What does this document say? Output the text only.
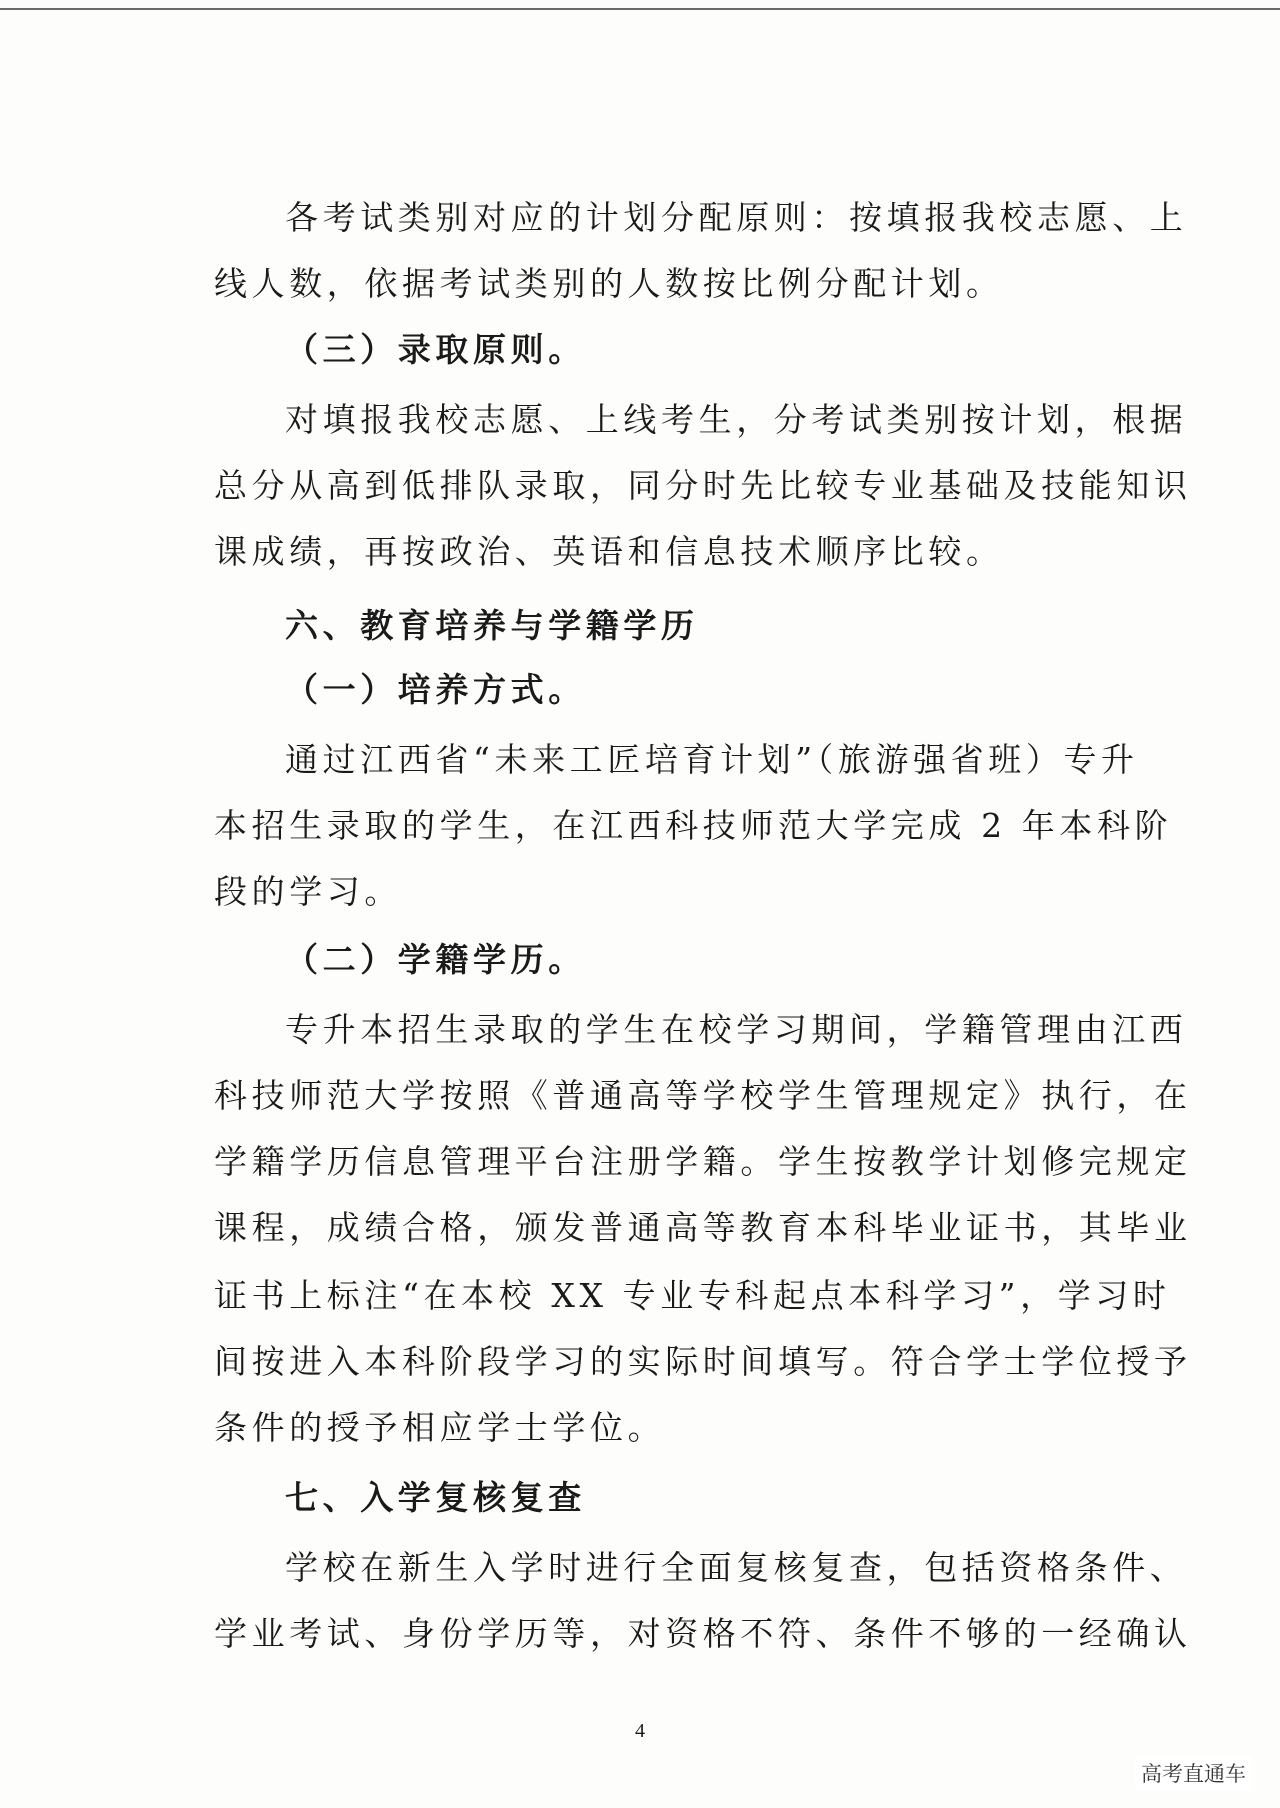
各考试类别对应的计划分配原则：按填报我校志愿、上
线人数，依据考试类别的人数按比例分配计划。
（三）录取原则。
对填报我校志愿、上线考生，分考试类别按计划，根据
总分从高到低排队录取，同分时先比较专业基础及技能知识
课成绩，再按政治、英语和信息技术顺序比较。
六、教育培养与学籍学历
（一）培养方式。
通过江西省“未来工匠培育计划”（旅游强省班）专升
本招生录取的学生，在江西科技师范大学完成 2 年本科阶
段的学习。
（二）学籍学历。
专升本招生录取的学生在校学习期间，学籍管理由江西
科技师范大学按照《普通高等学校学生管理规定》执行，在
学籍学历信息管理平台注册学籍。学生按教学计划修完规定
课程，成绩合格，颁发普通高等教育本科毕业证书，其毕业
证书上标注“在本校 XX 专业专科起点本科学习”，学习时
间按进入本科阶段学习的实际时间填写。符合学士学位授予
条件的授予相应学士学位。
七、入学复核复查
学校在新生入学时进行全面复核复查，包括资格条件、
学业考试、身份学历等，对资格不符、条件不够的一经确认
4
高考直通车
